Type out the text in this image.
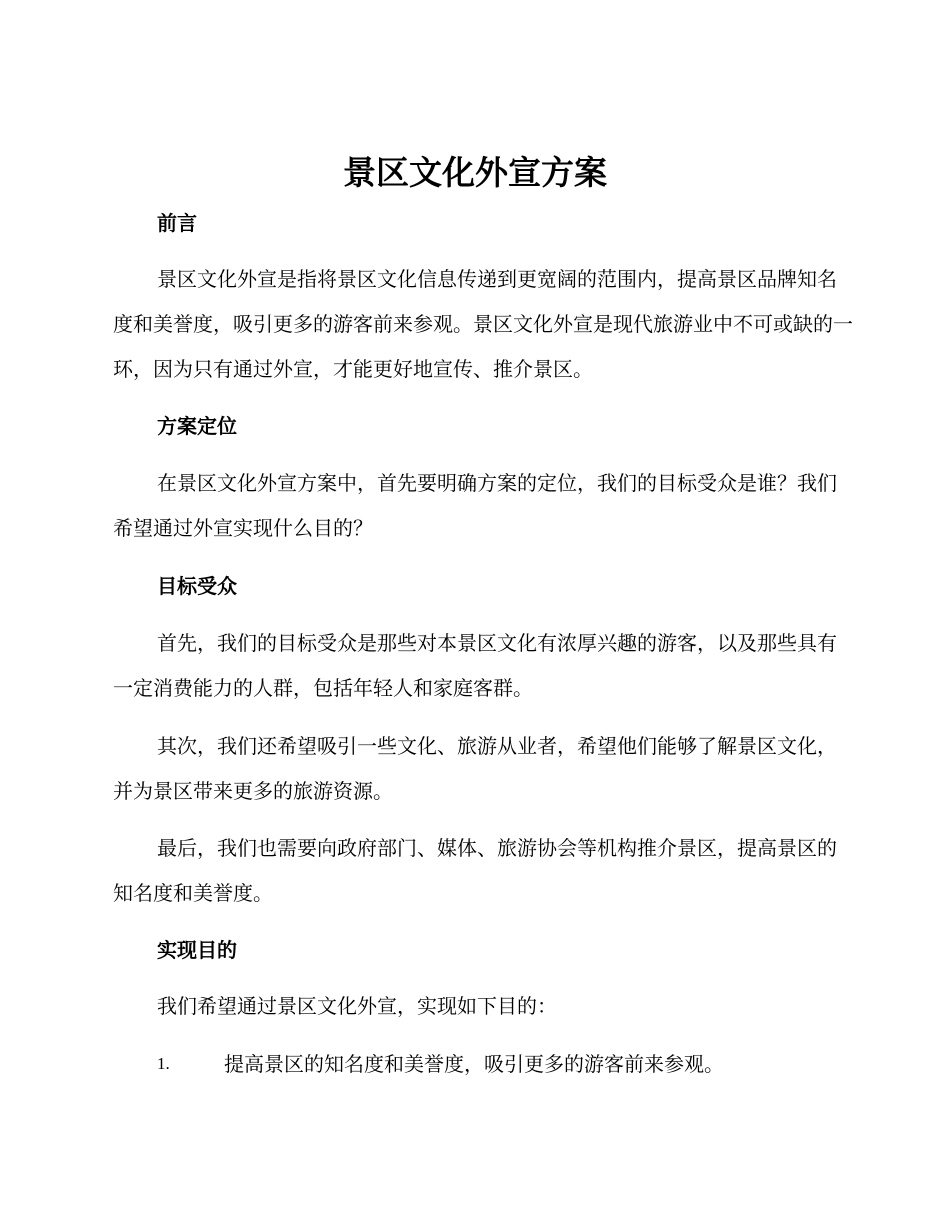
景区文化外宣方案
前言
景区文化外宣是指将景区文化信息传递到更宽阔的范围内，提高景区品牌知名度和美誉度，吸引更多的游客前来参观。景区文化外宣是现代旅游业中不可或缺的一环，因为只有通过外宣，才能更好地宣传、推介景区。
方案定位
在景区文化外宣方案中，首先要明确方案的定位，我们的目标受众是谁？我们希望通过外宣实现什么目的？
目标受众
首先，我们的目标受众是那些对本景区文化有浓厚兴趣的游客，以及那些具有一定消费能力的人群，包括年轻人和家庭客群。
其次，我们还希望吸引一些文化、旅游从业者，希望他们能够了解景区文化，并为景区带来更多的旅游资源。
最后，我们也需要向政府部门、媒体、旅游协会等机构推介景区，提高景区的知名度和美誉度。
实现目的
我们希望通过景区文化外宣，实现如下目的：
1.	提高景区的知名度和美誉度，吸引更多的游客前来参观。
